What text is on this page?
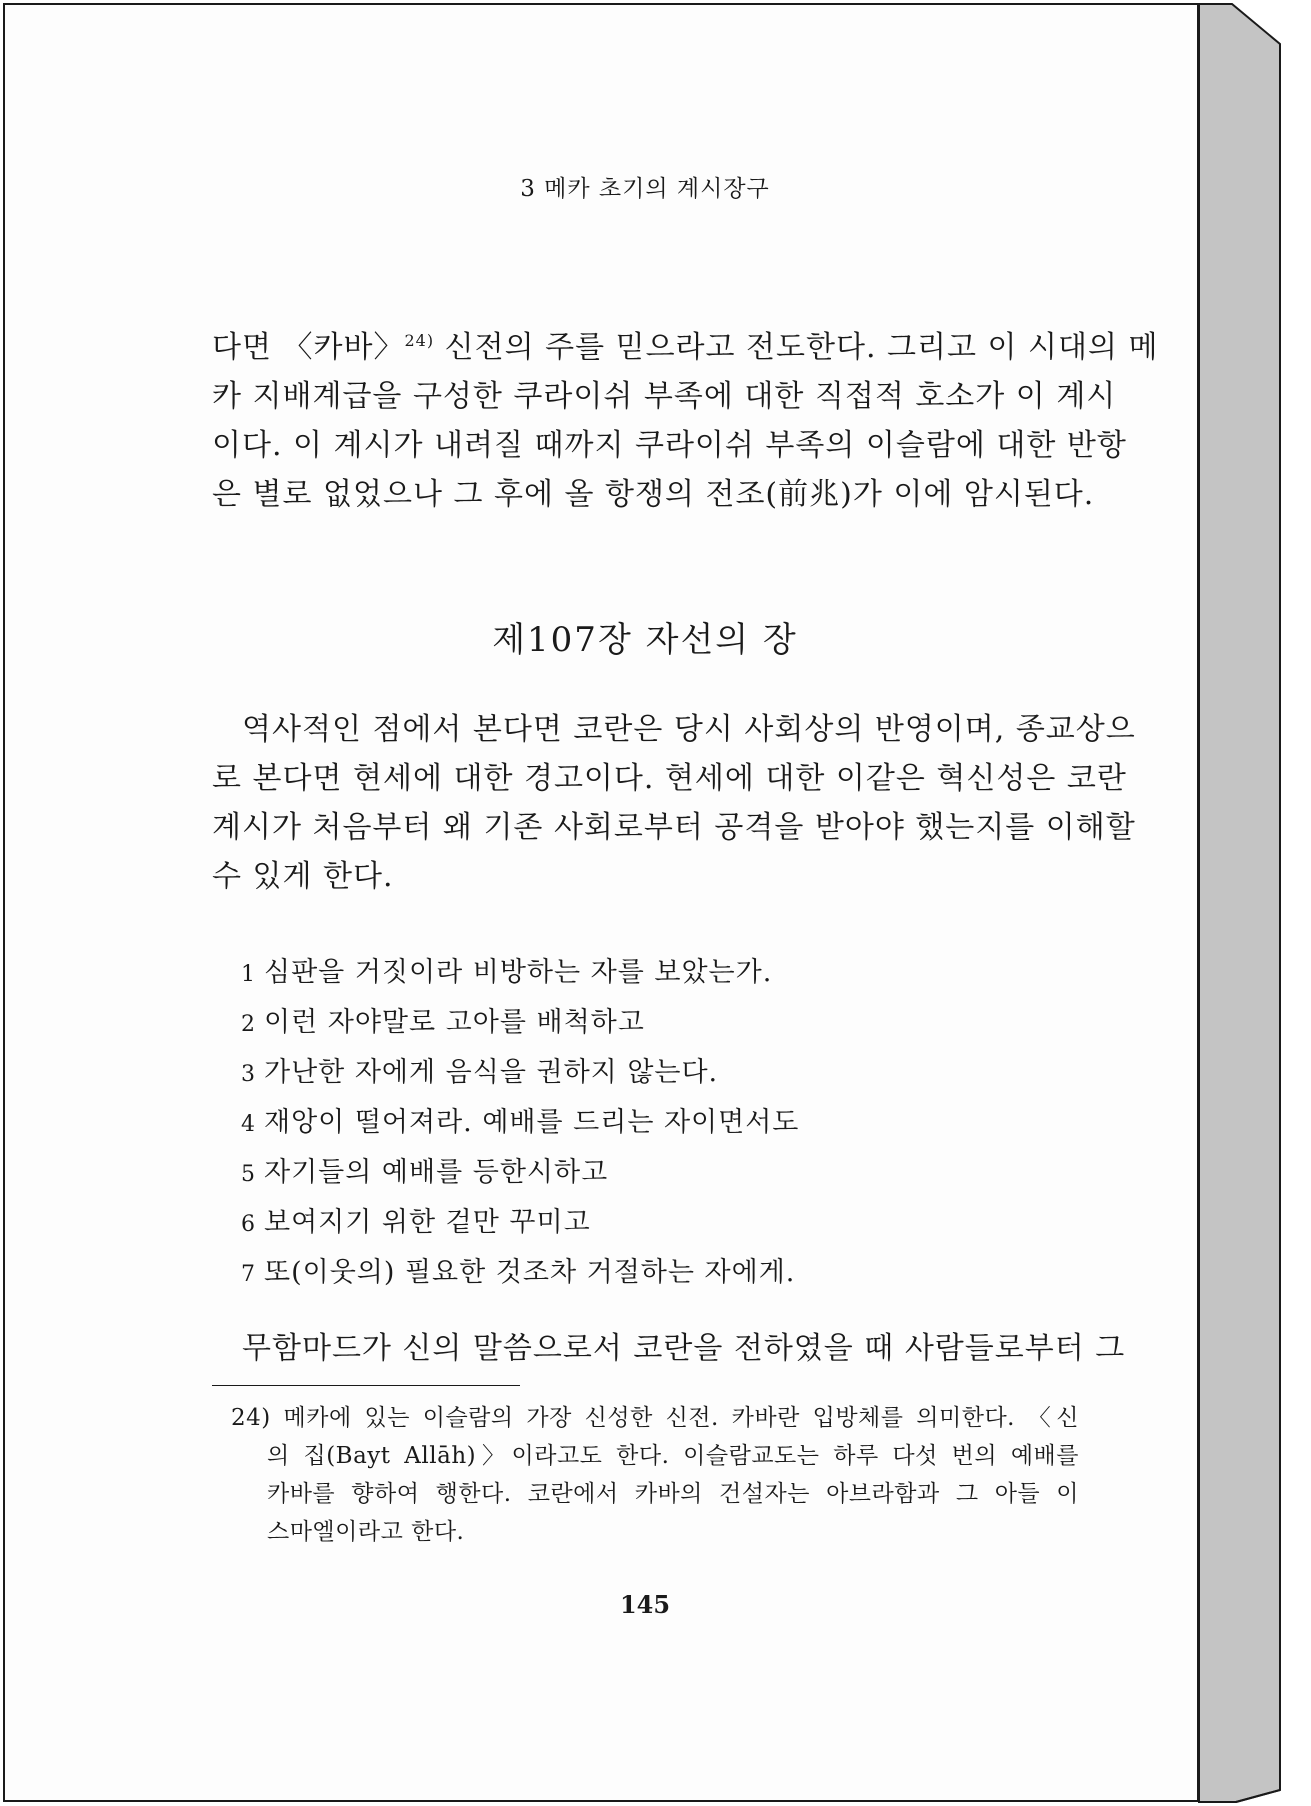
3 메카 초기의 계시장구
다면 〈카바〉$^{24)}$ 신전의 주를 믿으라고 전도한다. 그리고 이 시대의 메
카 지배계급을 구성한 쿠라이쉬 부족에 대한 직접적 호소가 이 계시
이다. 이 계시가 내려질 때까지 쿠라이쉬 부족의 이슬람에 대한 반항
은 별로 없었으나 그 후에 올 항쟁의 전조(前兆)가 이에 암시된다.
제107장 자선의 장
역사적인 점에서 본다면 코란은 당시 사회상의 반영이며, 종교상으
로 본다면 현세에 대한 경고이다. 현세에 대한 이같은 혁신성은 코란
계시가 처음부터 왜 기존 사회로부터 공격을 받아야 했는지를 이해할
수 있게 한다.
1 심판을 거짓이라 비방하는 자를 보았는가.
2 이런 자야말로 고아를 배척하고
3 가난한 자에게 음식을 권하지 않는다.
4 재앙이 떨어져라. 예배를 드리는 자이면서도
5 자기들의 예배를 등한시하고
6 보여지기 위한 겉만 꾸미고
7 또(이웃의) 필요한 것조차 거절하는 자에게.
무함마드가 신의 말씀으로서 코란을 전하였을 때 사람들로부터 그
24) 메카에 있는 이슬람의 가장 신성한 신전. 카바란 입방체를 의미한다. 〈신
의 집(Bayt Allāh)〉이라고도 한다. 이슬람교도는 하루 다섯 번의 예배를
카바를 향하여 행한다. 코란에서 카바의 건설자는 아브라함과 그 아들 이
스마엘이라고 한다.
145
